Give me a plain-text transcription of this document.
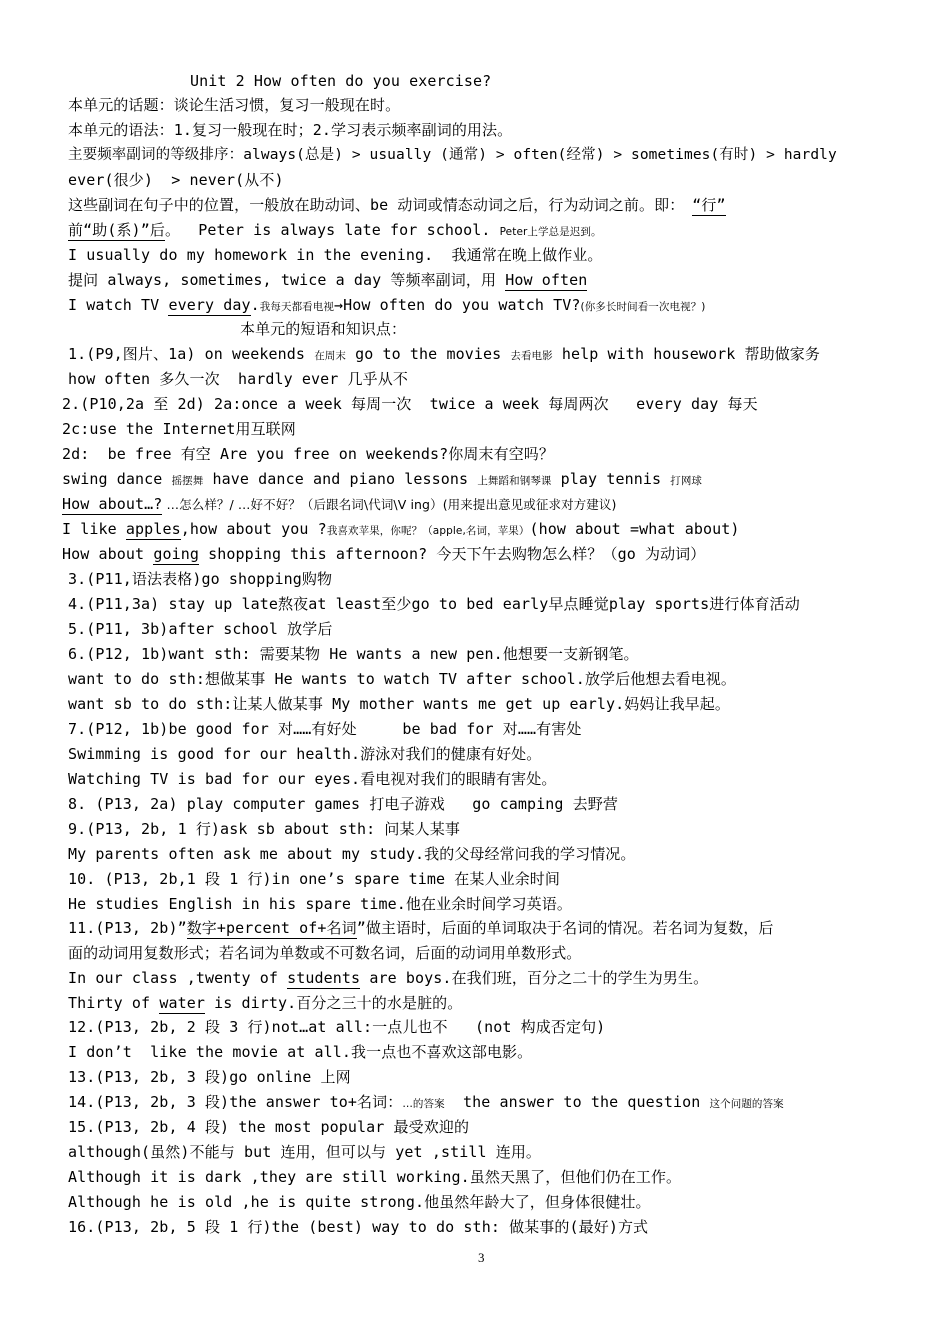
Unit 2 How often do you exercise?
本单元的话题：谈论生活习惯，复习一般现在时。
本单元的语法：1.复习一般现在时；2.学习表示频率副词的用法。
主要频率副词的等级排序：always(总是) > usually (通常) > often(经常) > sometimes(有时) > hardly
ever(很少)  > never(从不)
这些副词在句子中的位置，一般放在助动词、be 动词或情态动词之后，行为动词之前。即： “行”
前“助(系)”后。  Peter is always late for school. Peter上学总是迟到。
I usually do my homework in the evening.  我通常在晚上做作业。
提问 always, sometimes, twice a day 等频率副词，用 How often
I watch TV every day.我每天都看电视→How often do you watch TV?(你多长时间看一次电视？)
本单元的短语和知识点：
1.(P9,图片、1a) on weekends 在周末 go to the movies 去看电影 help with housework 帮助做家务
how often 多久一次  hardly ever 几乎从不
2.(P10,2a 至 2d) 2a:once a week 每周一次  twice a week 每周两次   every day 每天
2c:use the Internet用互联网
2d:  be free 有空 Are you free on weekends?你周末有空吗？
swing dance 摇摆舞 have dance and piano lessons 上舞蹈和钢琴课 play tennis 打网球
How about…? …怎么样？/ …好不好？（后跟名词\代词\V ing）(用来提出意见或征求对方建议)
I like apples,how about you ?我喜欢苹果，你呢？（apple,名词，苹果）(how about =what about)
How about going shopping this afternoon? 今天下午去购物怎么样？（go 为动词）
3.(P11,语法表格)go shopping购物
4.(P11,3a) stay up late熬夜at least至少go to bed early早点睡觉play sports进行体育活动
5.(P11, 3b)after school 放学后
6.(P12, 1b)want sth: 需要某物 He wants a new pen.他想要一支新钢笔。
want to do sth:想做某事 He wants to watch TV after school.放学后他想去看电视。
want sb to do sth:让某人做某事 My mother wants me get up early.妈妈让我早起。
7.(P12, 1b)be good for 对……有好处     be bad for 对……有害处
Swimming is good for our health.游泳对我们的健康有好处。
Watching TV is bad for our eyes.看电视对我们的眼睛有害处。
8. (P13, 2a) play computer games 打电子游戏   go camping 去野营
9.(P13, 2b, 1 行)ask sb about sth: 问某人某事
My parents often ask me about my study.我的父母经常问我的学习情况。
10. (P13, 2b,1 段 1 行)in one’s spare time 在某人业余时间
He studies English in his spare time.他在业余时间学习英语。
11.(P13, 2b)”数字+percent of+名词”做主语时，后面的单词取决于名词的情况。若名词为复数，后
面的动词用复数形式；若名词为单数或不可数名词，后面的动词用单数形式。
In our class ,twenty of students are boys.在我们班，百分之二十的学生为男生。
Thirty of water is dirty.百分之三十的水是脏的。
12.(P13, 2b, 2 段 3 行)not…at all:一点儿也不   (not 构成否定句)
I don’t  like the movie at all.我一点也不喜欢这部电影。
13.(P13, 2b, 3 段)go online 上网
14.(P13, 2b, 3 段)the answer to+名词：…的答案  the answer to the question 这个问题的答案
15.(P13, 2b, 4 段) the most popular 最受欢迎的
although(虽然)不能与 but 连用，但可以与 yet ,still 连用。
Although it is dark ,they are still working.虽然天黑了，但他们仍在工作。
Although he is old ,he is quite strong.他虽然年龄大了，但身体很健壮。
16.(P13, 2b, 5 段 1 行)the (best) way to do sth: 做某事的(最好)方式
3
